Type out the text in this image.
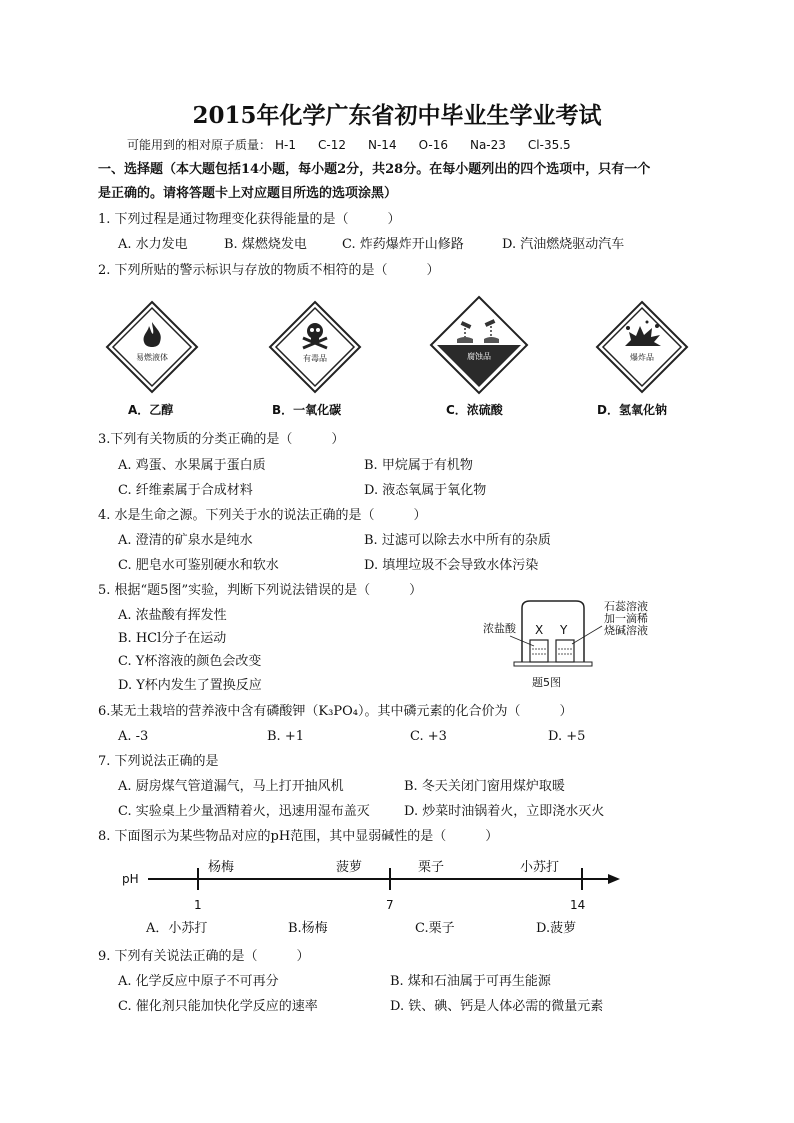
2015年化学广东省初中毕业生学业考试
可能用到的相对原子质量： H-1 C-12 N-14 O-16 Na-23 Cl-35.5
一、选择题（本大题包括14小题，每小题2分，共28分。在每小题列出的四个选项中，只有一个
是正确的。请将答题卡上对应题目所选的选项涂黑）
1. 下列过程是通过物理变化获得能量的是（　　　）
A. 水力发电	B. 煤燃烧发电	C. 炸药爆炸开山修路	D. 汽油燃烧驱动汽车
2. 下列所贴的警示标识与存放的物质不相符的是（　　　）
易燃液体	有毒品	腐蚀品	爆炸品
A．乙醇	B．一氧化碳	C．浓硫酸	D．氢氧化钠
3.下列有关物质的分类正确的是（　　　）
A. 鸡蛋、水果属于蛋白质	B. 甲烷属于有机物
C. 纤维素属于合成材料	D. 液态氧属于氧化物
4. 水是生命之源。下列关于水的说法正确的是（　　　）
A. 澄清的矿泉水是纯水	B. 过滤可以除去水中所有的杂质
C. 肥皂水可鉴别硬水和软水	D. 填埋垃圾不会导致水体污染
5. 根据“题5图”实验，判断下列说法错误的是（　　　）
A. 浓盐酸有挥发性
B. HCl分子在运动
C. Y杯溶液的颜色会改变
D. Y杯内发生了置换反应
X Y
浓盐酸
石蕊溶液
加一滴稀
烧碱溶液
题5图
6.某无土栽培的营养液中含有磷酸钾（K₃PO₄）。其中磷元素的化合价为（　　　）
A. -3	B. +1	C. +3	D. +5
7. 下列说法正确的是
A. 厨房煤气管道漏气，马上打开抽风机	B. 冬天关闭门窗用煤炉取暖
C. 实验桌上少量酒精着火，迅速用湿布盖灭	D. 炒菜时油锅着火，立即浇水灭火
8. 下面图示为某些物品对应的pH范围，其中显弱碱性的是（　　　）
pH
杨梅	菠萝	栗子	小苏打
1	7	14
A．小苏打	B.杨梅	C.栗子	D.菠萝
9. 下列有关说法正确的是（　　　）
A. 化学反应中原子不可再分	B. 煤和石油属于可再生能源
C. 催化剂只能加快化学反应的速率	D. 铁、碘、钙是人体必需的微量元素
